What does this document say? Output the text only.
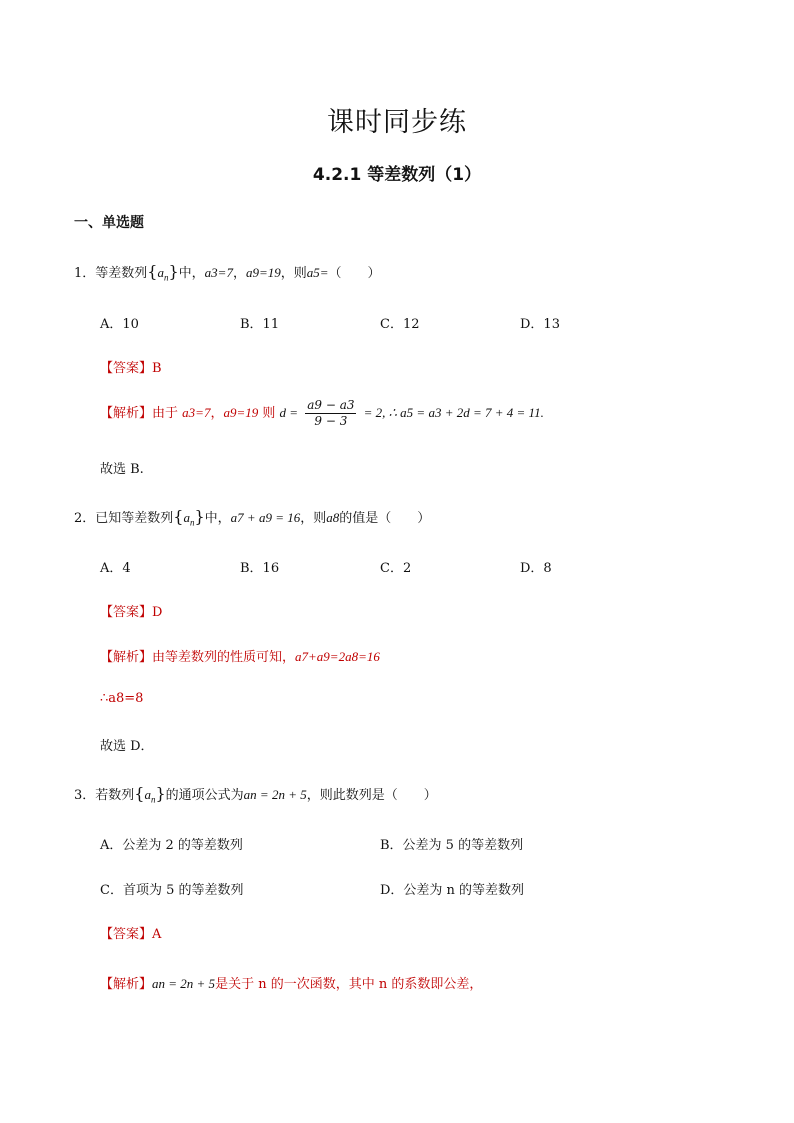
课时同步练
4.2.1 等差数列（1）
一、单选题
1．等差数列$\{a_n\}$中，a3=7，a9=19，则a5=（　　）
A．10	B．11	C．12	D．13
【答案】B
【解析】由于 a3=7，a9=19 则 $d = \frac{a9 - a3}{9 - 3} = 2$, ∴ a5 = a3 + 2d = 7 + 4 = 11.
故选 B.
2．已知等差数列$\{a_n\}$中，a7 + a9 = 16，则a8的值是（　　）
A．4	B．16	C．2	D．8
【答案】D
【解析】由等差数列的性质可知，a7+a9=2a8=16
∴a8=8
故选 D．
3．若数列$\{a_n\}$的通项公式为an = 2n + 5，则此数列是（　　）
A．公差为 2 的等差数列	B．公差为 5 的等差数列
C．首项为 5 的等差数列	D．公差为 n 的等差数列
【答案】A
【解析】an = 2n + 5是关于 n 的一次函数，其中 n 的系数即公差，
